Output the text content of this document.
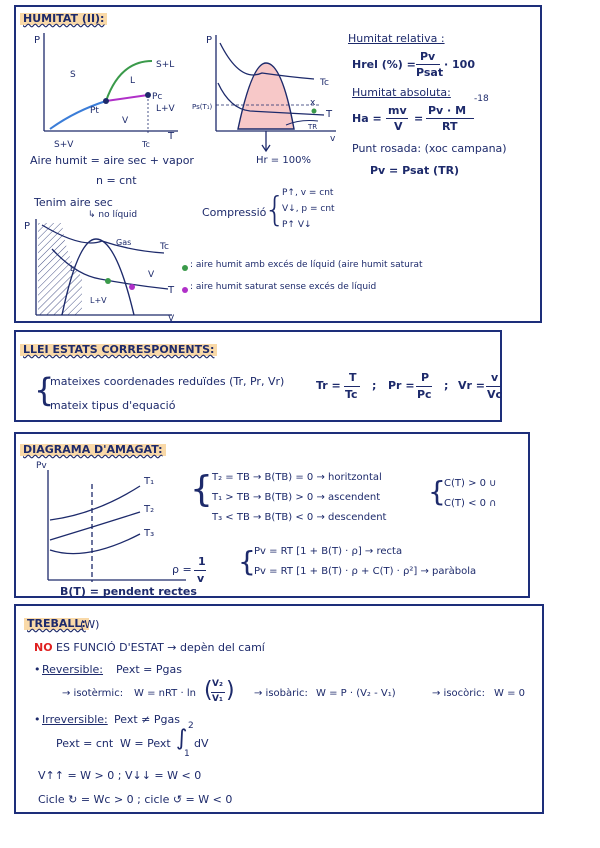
HUMITAT (II):
P
S
S+L
L
Pc
L+V
Pt
V
S+V
T
Tc
P
Tc
Ps(T₁)	x
T
TR
v
Hr = 100%
Humitat relativa :
Hrel (%) =
Pv
Psat
· 100
Humitat absoluta:
Ha =
mv
V
=
Pv · M
RT
-18
Punt rosada: (xoc campana)
Pv = Psat (TR)
Aire humit = aire sec + vapor
n = cnt
Tenim aire sec
↳ no líquid	Compressió
{
P↑, v = cnt
V↓, p = cnt
P↑ V↓
P
Gas	Tc
L
V
L+V
T
V
: aire humit amb excés de líquid (aire humit saturat
: aire humit saturat sense excés de líquid
LLEI ESTATS CORRESPONENTS:
{
mateixes coordenades reduïdes (Tr, Pr, Vr)
mateix tipus d'equació
Tr =
T
Tc
; Pr =
P
Pc
; Vr =
v
Vc
DIAGRAMA D'AMAGAT:
Pv
T₁
T₂
T₃
ρ =
1
v
B(T) = pendent rectes
{ T₂ = TB → B(TB) = 0 → horitzontal
T₁ > TB → B(TB) > 0 → ascendent
T₃ < TB → B(TB) < 0 → descendent
{
C(T) > 0 ∪
C(T) < 0 ∩
{
Pv = RT [1 + B(T) · ρ] → recta
Pv = RT [1 + B(T) · ρ + C(T) · ρ²] → paràbola
TREBALL:
(W)
NO ES FUNCIÓ D'ESTAT → depèn del camí
• Reversible: Pext = Pgas
→ isotèrmic: W = nRT · ln ( V₂
V₁ ) → isobàric: W = P · (V₂ - V₁)	→ isocòric: W = 0
• Irreversible: Pext ≠ Pgas
Pext = cnt W = Pext ∫ 2
1
dV
V↑↑ = W > 0 ; V↓↓ = W < 0
Cicle ↻ = Wc > 0 ; cicle ↺ = W < 0
